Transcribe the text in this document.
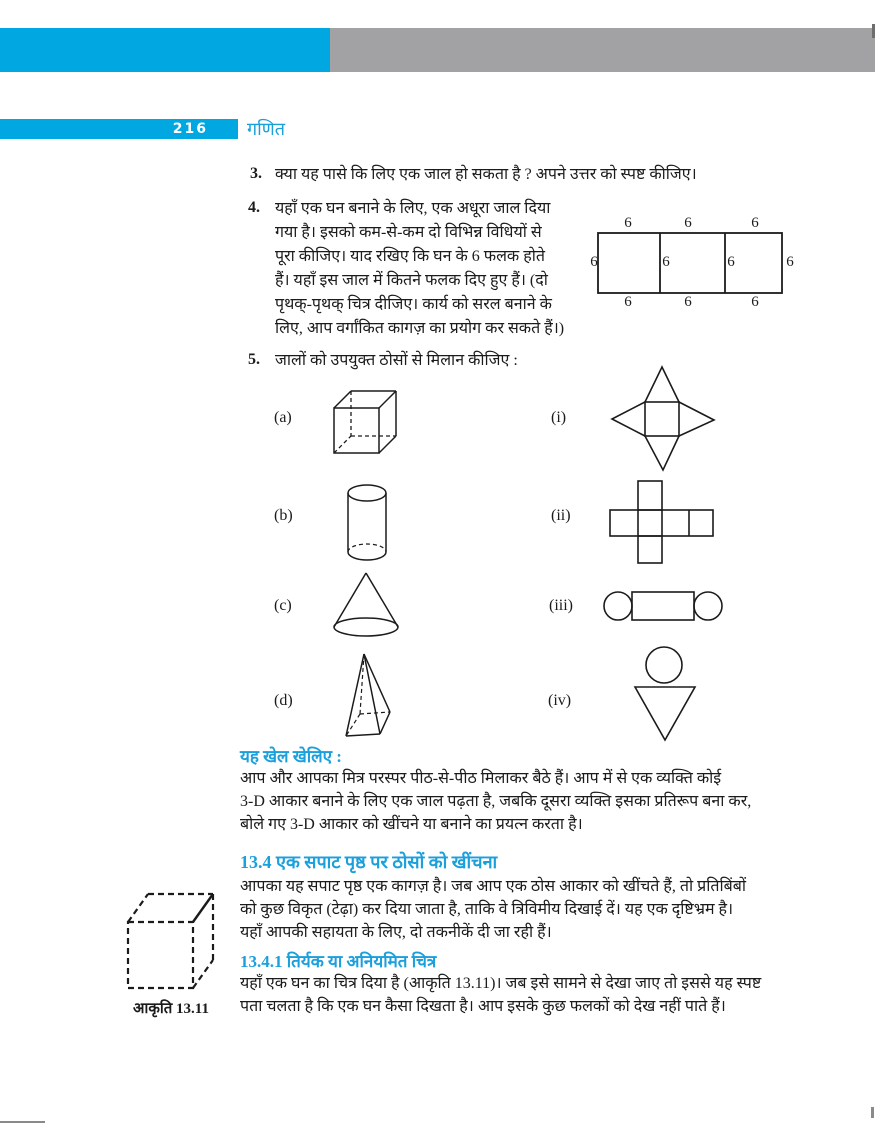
216	गणित
3. क्या यह पासे कि लिए एक जाल हो सकता है ? अपने उत्तर को स्पष्ट कीजिए।
4. यहाँ एक घन बनाने के लिए, एक अधूरा जाल दिया
गया है। इसको कम-से-कम दो विभिन्न विधियों से
पूरा कीजिए। याद रखिए कि घन के 6 फलक होते
हैं। यहाँ इस जाल में कितने फलक दिए हुए हैं। (दो
पृथक्-पृथक् चित्र दीजिए। कार्य को सरल बनाने के
लिए, आप वर्गांकित कागज़ का प्रयोग कर सकते हैं।)
6	6	6
6	6	6
6	6	6	6
5. जालों को उपयुक्त ठोसों से मिलान कीजिए :
(a)	(i)
(b)	(ii)
(c)	(iii)
(d)	(iv)
यह खेल खेलिए :
आप और आपका मित्र परस्पर पीठ-से-पीठ मिलाकर बैठे हैं। आप में से एक व्यक्ति कोई
3-D आकार बनाने के लिए एक जाल पढ़ता है, जबकि दूसरा व्यक्ति इसका प्रतिरूप बना कर,
बोले गए 3-D आकार को खींचने या बनाने का प्रयत्न करता है।
13.4 एक सपाट पृष्ठ पर ठोसों को खींचना
आपका यह सपाट पृष्ठ एक कागज़ है। जब आप एक ठोस आकार को खींचते हैं, तो प्रतिबिंबों
को कुछ विकृत (टेढ़ा) कर दिया जाता है, ताकि वे त्रिविमीय दिखाई दें। यह एक दृष्टिभ्रम है।
यहाँ आपकी सहायता के लिए, दो तकनीकें दी जा रही हैं।
13.4.1 तिर्यक या अनियमित चित्र
यहाँ एक घन का चित्र दिया है (आकृति 13.11)। जब इसे सामने से देखा जाए तो इससे यह स्पष्ट
पता चलता है कि एक घन कैसा दिखता है। आप इसके कुछ फलकों को देख नहीं पाते हैं।
आकृति 13.11
